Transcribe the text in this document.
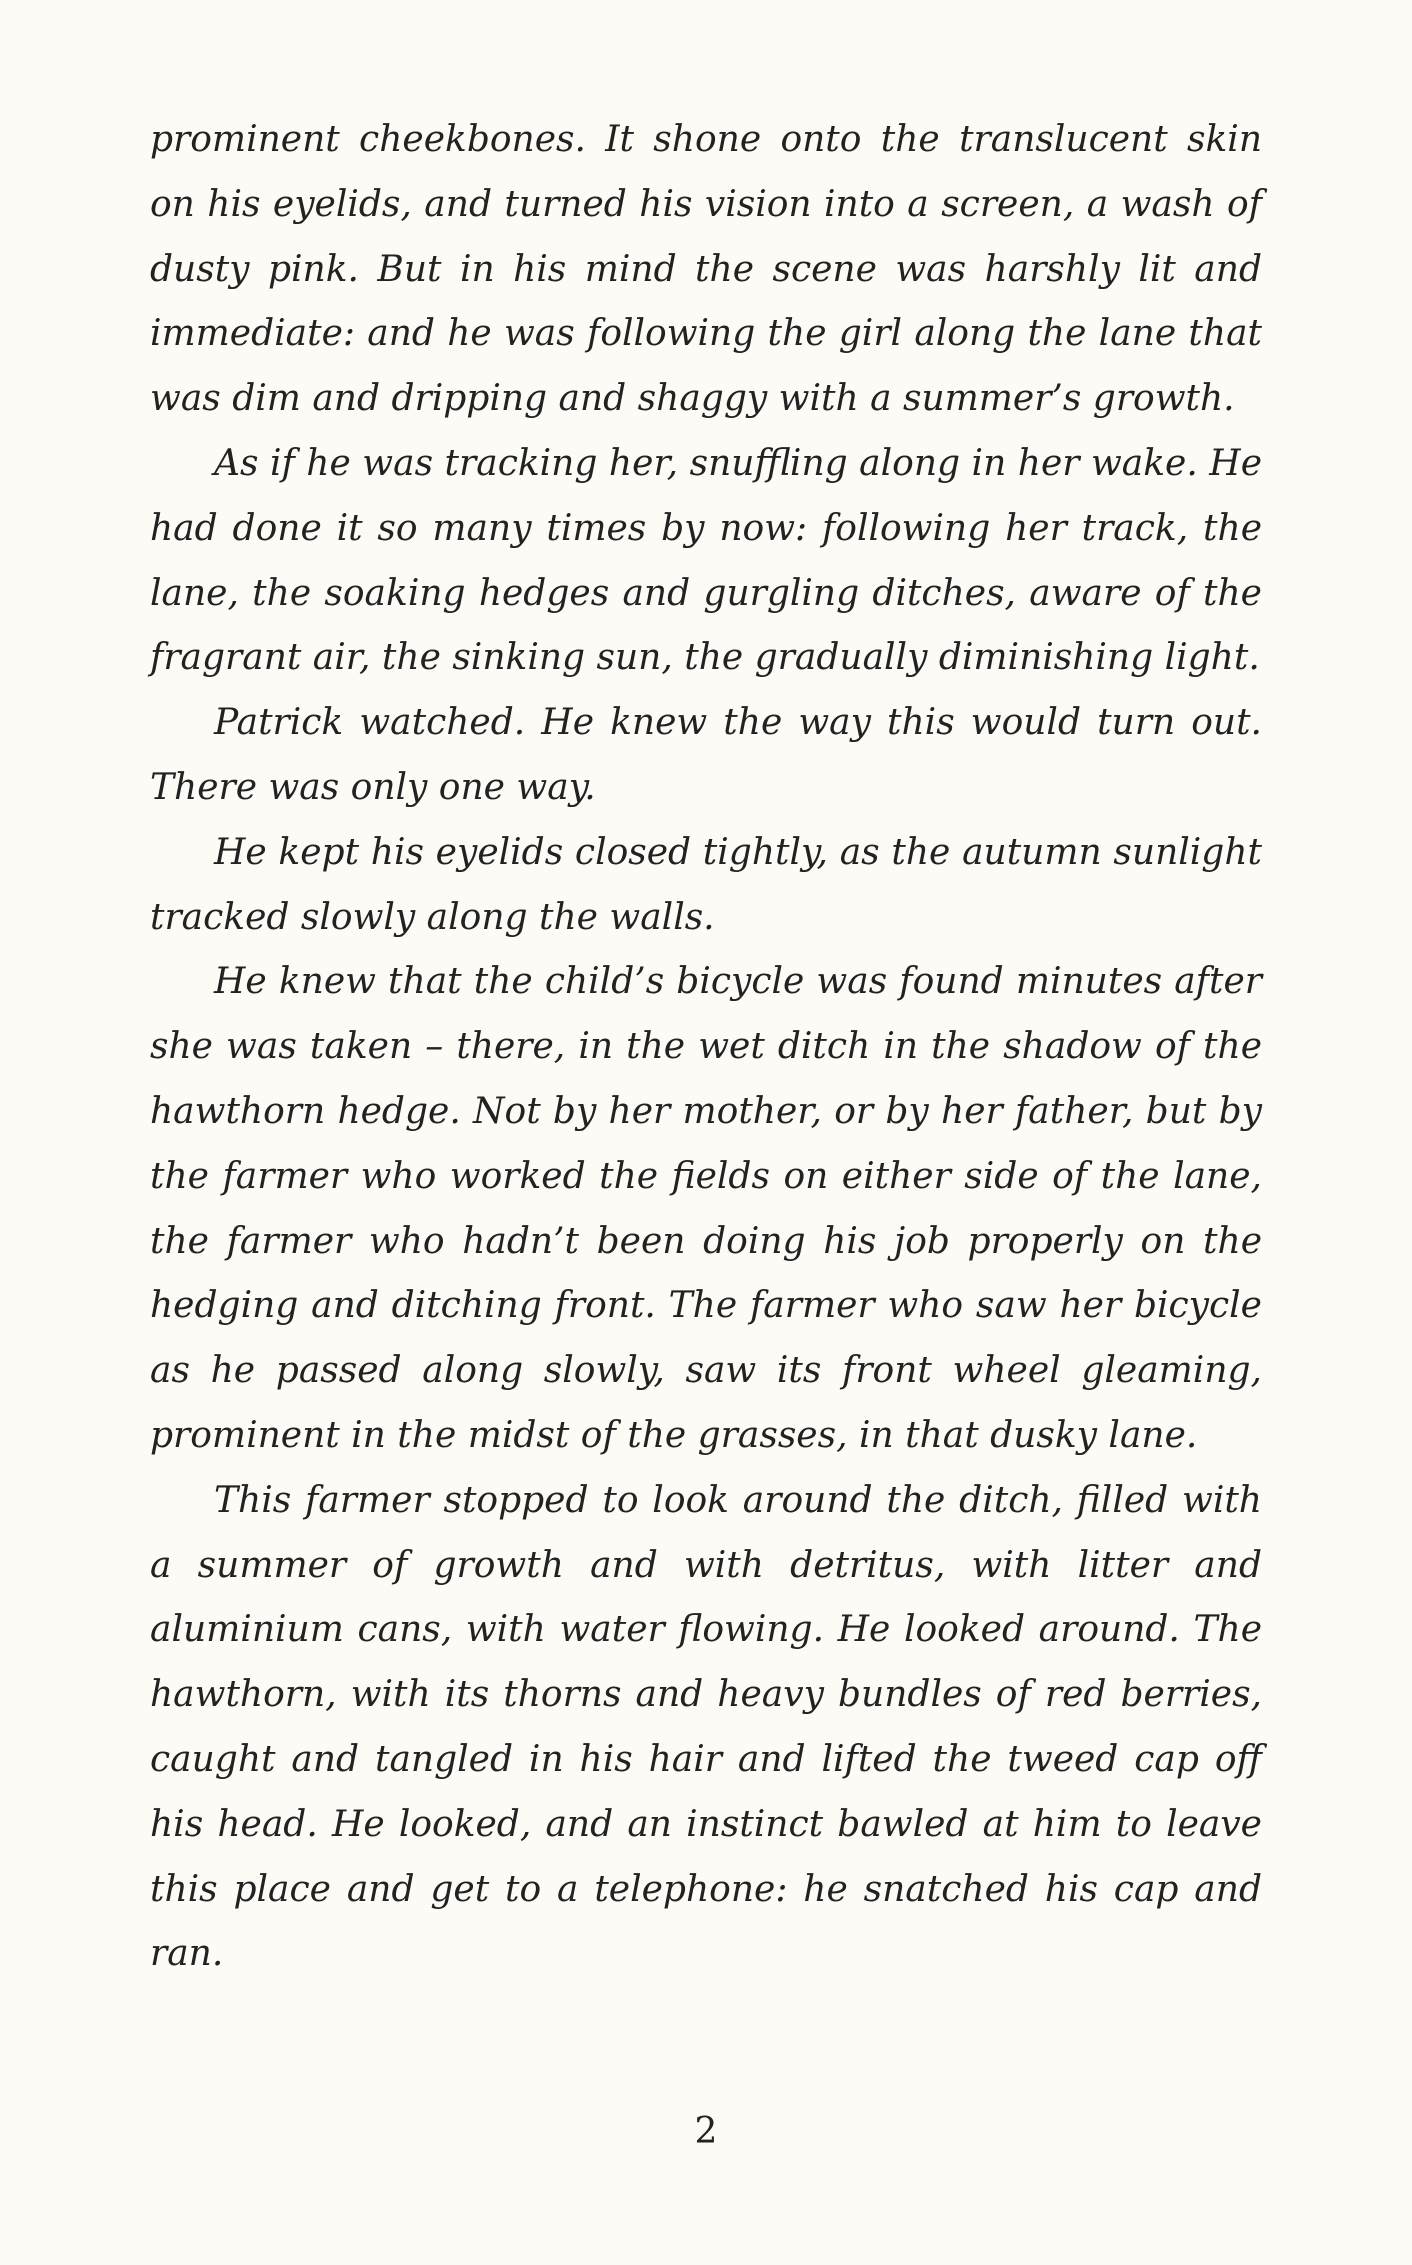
prominent cheekbones. It shone onto the translucent skin on his eyelids, and turned his vision into a screen, a wash of dusty pink. But in his mind the scene was harshly lit and immediate: and he was following the girl along the lane that was dim and dripping and shaggy with a summer’s growth.

As if he was tracking her, snuffling along in her wake. He had done it so many times by now: following her track, the lane, the soaking hedges and gurgling ditches, aware of the fragrant air, the sinking sun, the gradually diminishing light.

Patrick watched. He knew the way this would turn out. There was only one way.

He kept his eyelids closed tightly, as the autumn sunlight tracked slowly along the walls.

He knew that the child’s bicycle was found minutes after she was taken – there, in the wet ditch in the shadow of the hawthorn hedge. Not by her mother, or by her father, but by the farmer who worked the fields on either side of the lane, the farmer who hadn’t been doing his job properly on the hedging and ditching front. The farmer who saw her bicycle as he passed along slowly, saw its front wheel gleaming, prominent in the midst of the grasses, in that dusky lane.

This farmer stopped to look around the ditch, filled with a summer of growth and with detritus, with litter and aluminium cans, with water flowing. He looked around. The hawthorn, with its thorns and heavy bundles of red berries, caught and tangled in his hair and lifted the tweed cap off his head. He looked, and an instinct bawled at him to leave this place and get to a telephone: he snatched his cap and ran.

2
